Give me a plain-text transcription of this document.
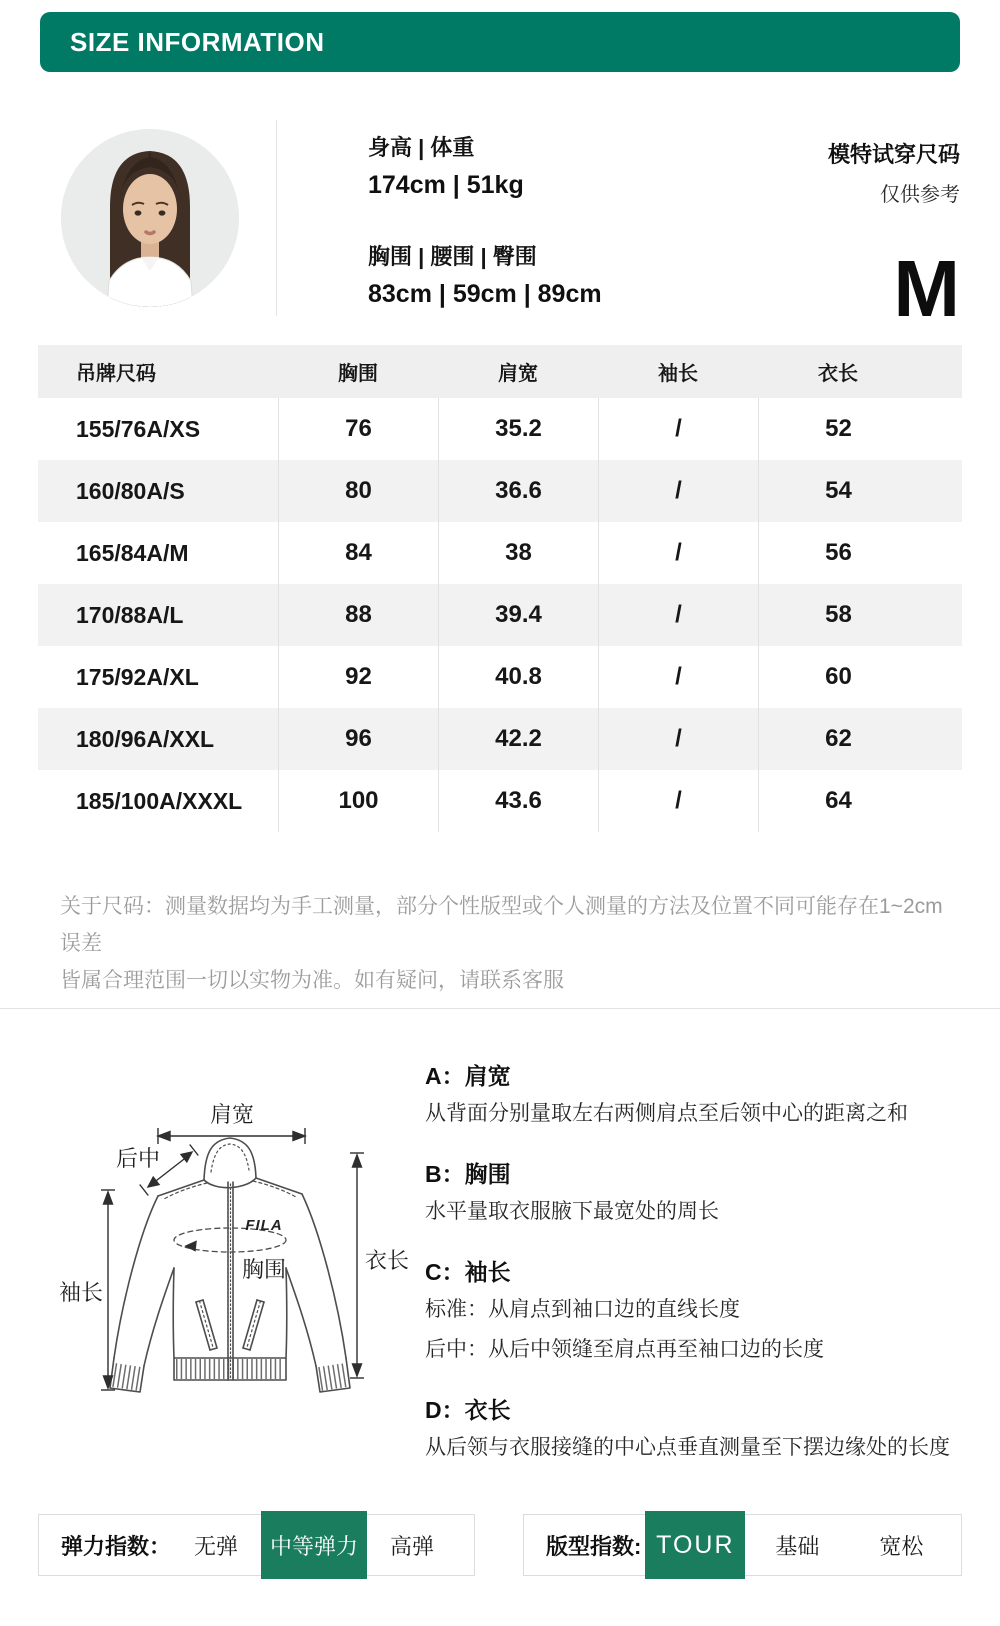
SIZE INFORMATION
身高 | 体重
174cm | 51kg
胸围 | 腰围 | 臀围
83cm | 59cm | 89cm
模特试穿尺码
仅供参考
M
吊牌尺码	胸围	肩宽	袖长	衣长
155/76A/XS	76	35.2	/	52
160/80A/S	80	36.6	/	54
165/84A/M	84	38	/	56
170/88A/L	88	39.4	/	58
175/92A/XL	92	40.8	/	60
180/96A/XXL	96	42.2	/	62
185/100A/XXXL	100	43.6	/	64
关于尺码：测量数据均为手工测量，部分个性版型或个人测量的方法及位置不同可能存在1~2cm误差
皆属合理范围一切以实物为准。如有疑问，请联系客服
肩宽
后中
袖长
衣长
胸围
FILA
A：肩宽
从背面分别量取左右两侧肩点至后领中心的距离之和
B：胸围
水平量取衣服腋下最宽处的周长
C：袖长
标准：从肩点到袖口边的直线长度
后中：从后中领缝至肩点再至袖口边的长度
D：衣长
从后领与衣服接缝的中心点垂直测量至下摆边缘处的长度
弹力指数：	无弹	中等弹力	高弹	版型指数: TOUR	基础	宽松
